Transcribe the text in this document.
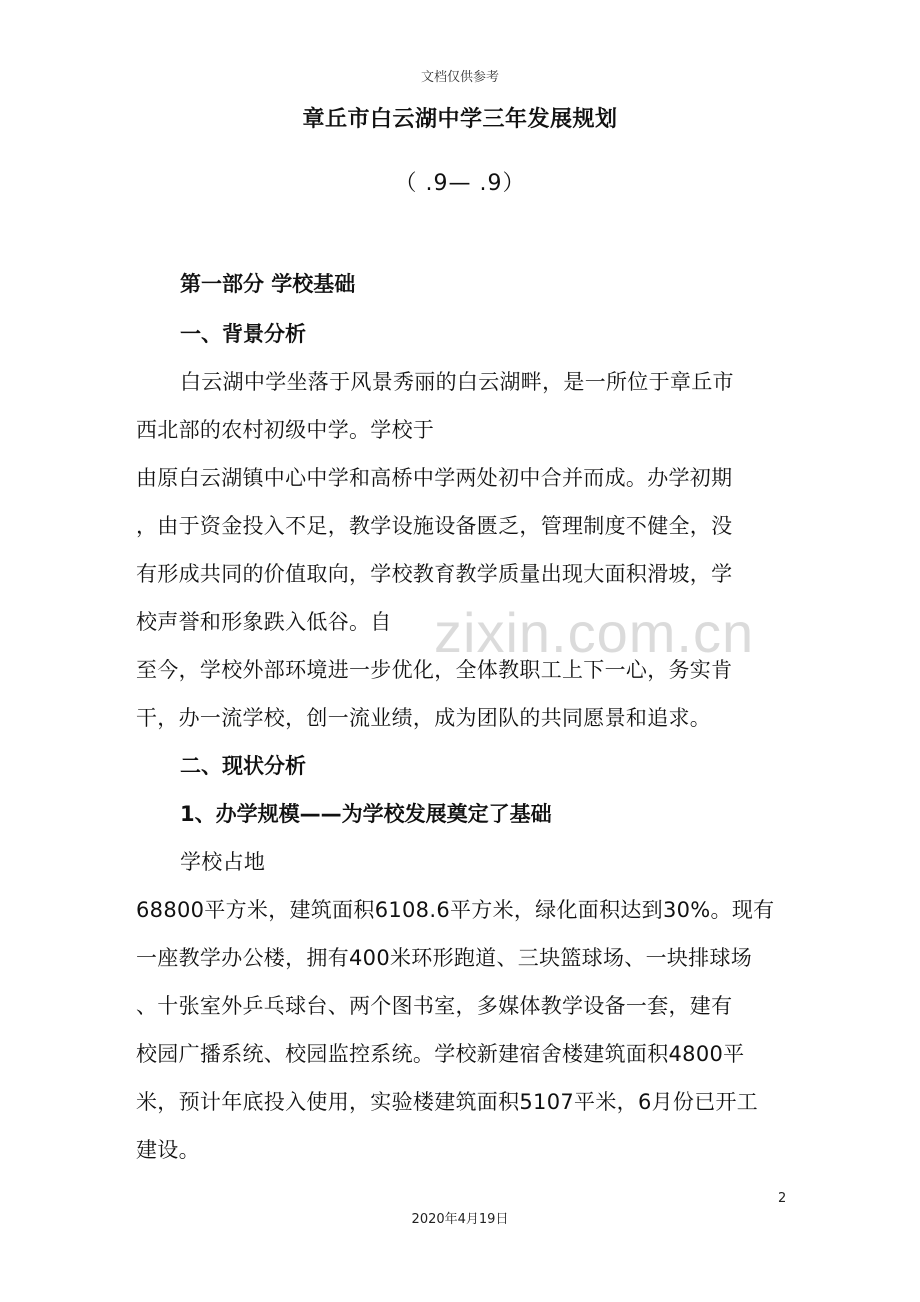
文档仅供参考
章丘市白云湖中学三年发展规划
（ .9— .9）
第一部分 学校基础
一、背景分析
白云湖中学坐落于风景秀丽的白云湖畔，是一所位于章丘市
西北部的农村初级中学。学校于
由原白云湖镇中心中学和高桥中学两处初中合并而成。办学初期
，由于资金投入不足，教学设施设备匮乏，管理制度不健全，没
有形成共同的价值取向，学校教育教学质量出现大面积滑坡，学
校声誉和形象跌入低谷。自
至今，学校外部环境进一步优化，全体教职工上下一心，务实肯
干，办一流学校，创一流业绩，成为团队的共同愿景和追求。
二、现状分析
1、办学规模——为学校发展奠定了基础
学校占地
68800平方米，建筑面积6108.6平方米，绿化面积达到30%。现有
一座教学办公楼，拥有400米环形跑道、三块篮球场、一块排球场
、十张室外乒乓球台、两个图书室，多媒体教学设备一套，建有
校园广播系统、校园监控系统。学校新建宿舍楼建筑面积4800平
米，预计年底投入使用，实验楼建筑面积5107平米，6月份已开工
建设。
zixin.com.cn
2
2020年4月19日
